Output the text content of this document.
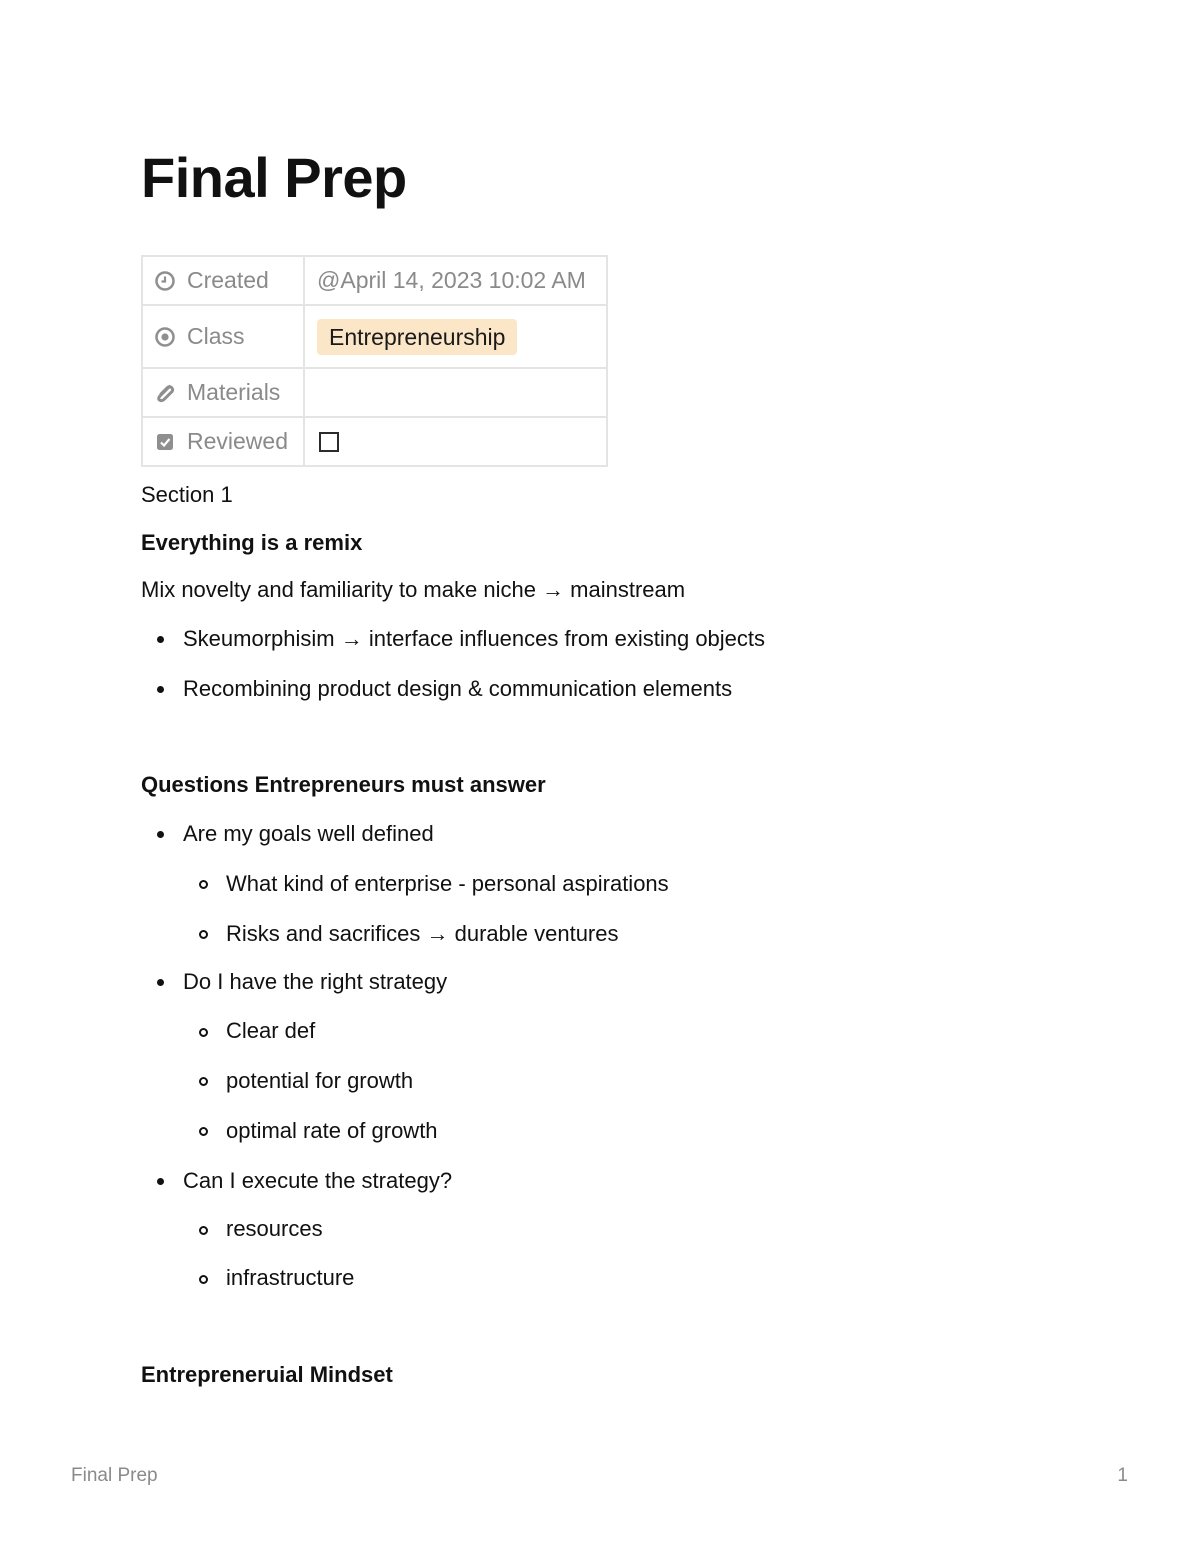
Final Prep
Created	@April 14, 2023 10:02 AM

Class	Entrepreneurship

Materials	

Reviewed	

Section 1
Everything is a remix
Mix novelty and familiarity to make niche → mainstream
Skeumorphisim → interface influences from existing objects
Recombining product design & communication elements
Questions Entrepreneurs must answer
Are my goals well defined
What kind of enterprise - personal aspirations
Risks and sacrifices → durable ventures
Do I have the right strategy
Clear def
potential for growth
optimal rate of growth
Can I execute the strategy?
resources
infrastructure
Entrepreneruial Mindset
Final Prep	1
